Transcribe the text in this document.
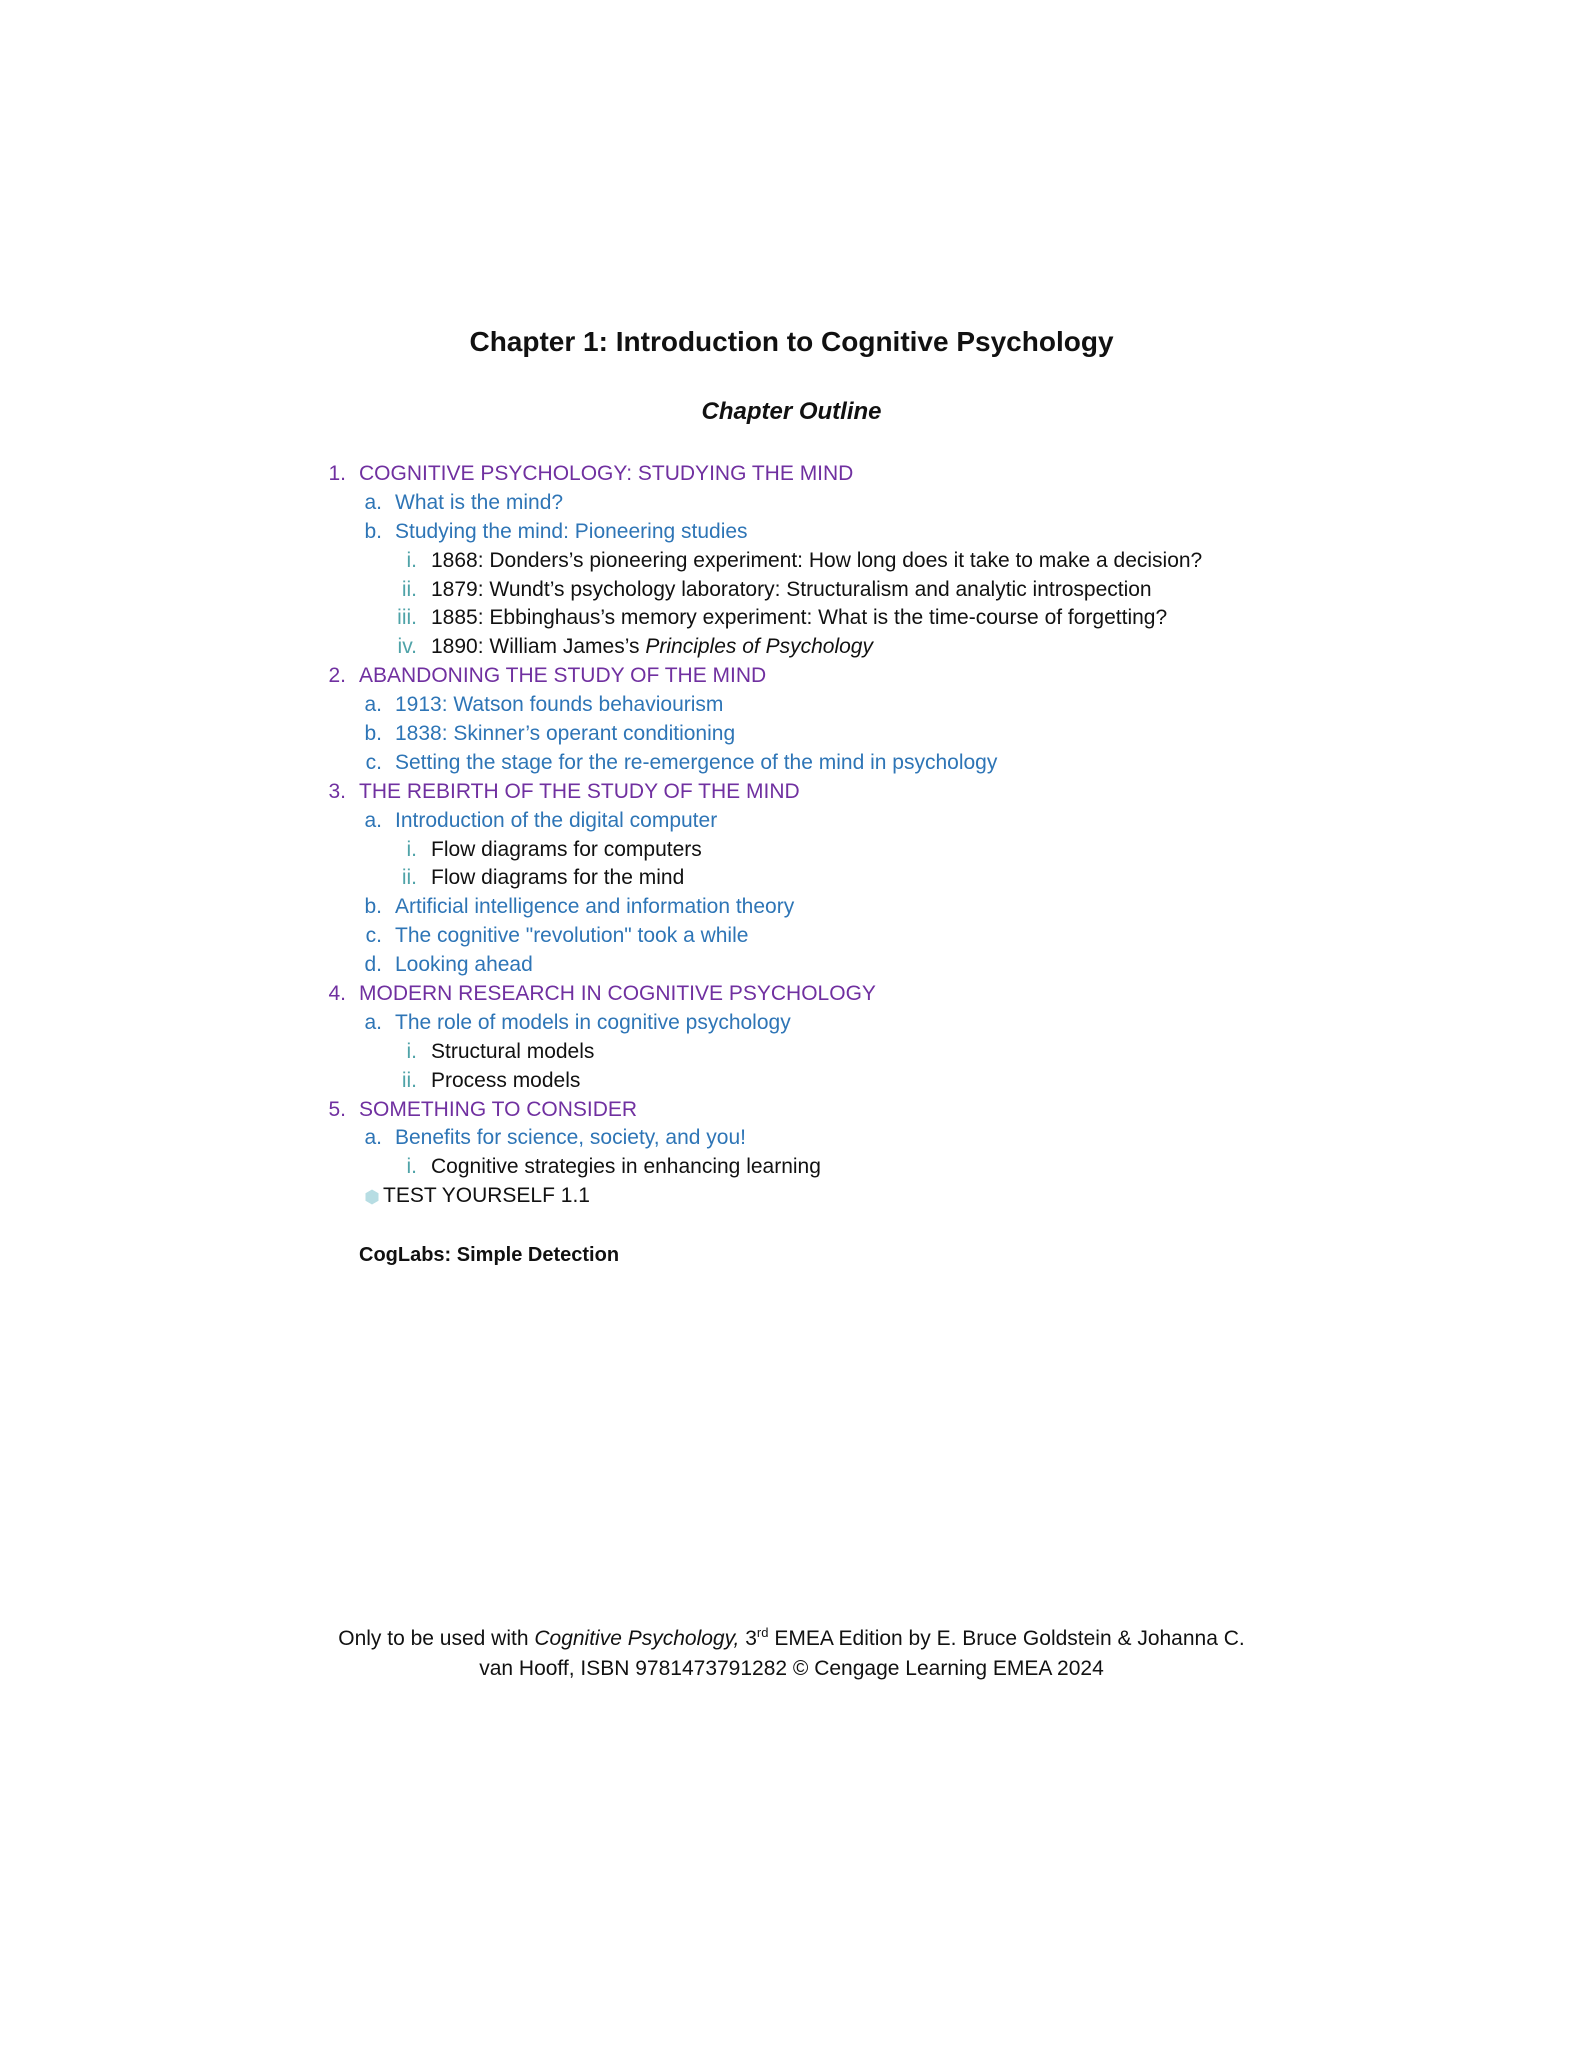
Chapter 1: Introduction to Cognitive Psychology
Chapter Outline
1. COGNITIVE PSYCHOLOGY: STUDYING THE MIND
a. What is the mind?
b. Studying the mind: Pioneering studies
i. 1868: Donders’s pioneering experiment: How long does it take to make a decision?
ii. 1879: Wundt’s psychology laboratory: Structuralism and analytic introspection
iii. 1885: Ebbinghaus’s memory experiment: What is the time-course of forgetting?
iv. 1890: William James’s Principles of Psychology
2. ABANDONING THE STUDY OF THE MIND
a. 1913: Watson founds behaviourism
b. 1838: Skinner’s operant conditioning
c. Setting the stage for the re-emergence of the mind in psychology
3. THE REBIRTH OF THE STUDY OF THE MIND
a. Introduction of the digital computer
i. Flow diagrams for computers
ii. Flow diagrams for the mind
b. Artificial intelligence and information theory
c. The cognitive "revolution" took a while
d. Looking ahead
4. MODERN RESEARCH IN COGNITIVE PSYCHOLOGY
a. The role of models in cognitive psychology
i. Structural models
ii. Process models
5. SOMETHING TO CONSIDER
a. Benefits for science, society, and you!
i. Cognitive strategies in enhancing learning
TEST YOURSELF 1.1
CogLabs: Simple Detection
Only to be used with Cognitive Psychology, 3rd EMEA Edition by E. Bruce Goldstein & Johanna C.
van Hooff, ISBN 9781473791282 © Cengage Learning EMEA 2024
